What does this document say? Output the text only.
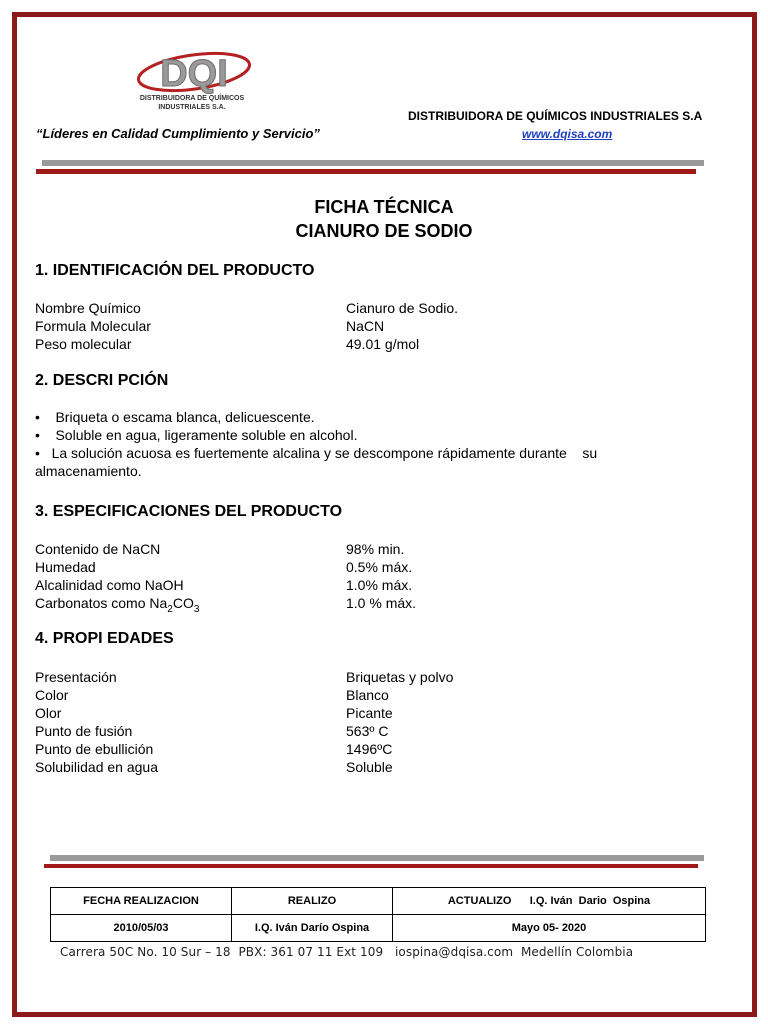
DQI
DISTRIBUIDORA DE QUÍMICOS
INDUSTRIALES S.A.
“Líderes en Calidad Cumplimiento y Servicio”
DISTRIBUIDORA DE QUÍMICOS INDUSTRIALES S.A
www.dqisa.com
FICHA TÉCNICA
CIANURO DE SODIO
1. IDENTIFICACIÓN DEL PRODUCTO
Nombre Químico	Cianuro de Sodio.
Formula Molecular	NaCN
Peso molecular	49.01 g/mol
2. DESCRI PCIÓN
•    Briqueta o escama blanca, delicuescente.
•    Soluble en agua, ligeramente soluble en alcohol.
•   La solución acuosa es fuertemente alcalina y se descompone rápidamente durante    su
almacenamiento.
3. ESPECIFICACIONES DEL PRODUCTO
Contenido de NaCN	98% min.
Humedad	0.5% máx.
Alcalinidad como NaOH	1.0% máx.
Carbonatos como $Na_2CO_3$	1.0 % máx.
4. PROPI EDADES
Presentación	Briquetas y polvo
Color	Blanco
Olor	Picante
Punto de fusión	563º C
Punto de ebullición	1496ºC
Solubilidad en agua	Soluble
FECHA REALIZACION	REALIZO	ACTUALIZO      I.Q. Iván  Dario  Ospina
2010/05/03	I.Q. Iván Darío Ospina	Mayo 05- 2020
Carrera 50C No. 10 Sur – 18  PBX: 361 07 11 Ext 109   iospina@dqisa.com  Medellín Colombia
